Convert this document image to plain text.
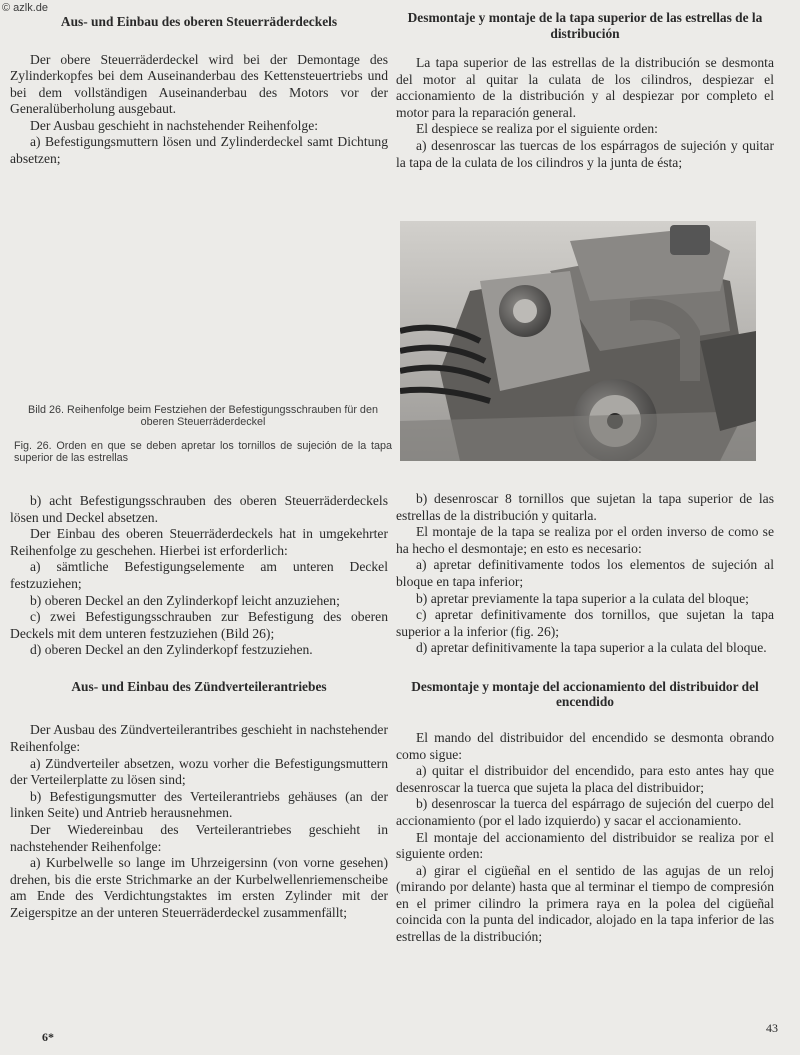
© azlk.de
Aus- und Einbau des oberen Steuerräderdeckels

Der obere Steuerräderdeckel wird bei der Demontage des Zylinderkopfes bei dem Auseinanderbau des Kettensteuertriebs und bei dem vollständigen Auseinanderbau des Motors vor der Generalüberholung ausgebaut.

Der Ausbau geschieht in nachstehender Reihenfolge:

a) Befestigungsmuttern lösen und Zylinderdeckel samt Dichtung absetzen;

Bild 26. Reihenfolge beim Festziehen der Befestigungsschrauben für den oberen Steuerräderdeckel
Fig. 26. Orden en que se deben apretar los tornillos de sujeción de la tapa superior de las estrellas

b) acht Befestigungsschrauben des oberen Steuerräderdeckels lösen und Deckel absetzen.

Der Einbau des oberen Steuerräderdeckels hat in umgekehrter Reihenfolge zu geschehen. Hierbei ist erforderlich:

a) sämtliche Befestigungselemente am unteren Deckel festzuziehen;

b) oberen Deckel an den Zylinderkopf leicht anzuziehen;

c) zwei Befestigungsschrauben zur Befestigung des oberen Deckels mit dem unteren festzuziehen (Bild 26);

d) oberen Deckel an den Zylinderkopf festzuziehen.

Aus- und Einbau des Zündverteilerantriebes

Der Ausbau des Zündverteilerantribes geschieht in nachstehender Reihenfolge:

a) Zündverteiler absetzen, wozu vorher die Befestigungsmuttern der Verteilerplatte zu lösen sind;

b) Befestigungsmutter des Verteilerantriebs gehäuses (an der linken Seite) und Antrieb herausnehmen.

Der Wiedereinbau des Verteilerantriebes geschieht in nachstehender Reihenfolge:

a) Kurbelwelle so lange im Uhrzeigersinn (von vorne gesehen) drehen, bis die erste Strichmarke an der Kurbelwellenriemenscheibe am Ende des Verdichtungstaktes im ersten Zylinder mit der Zeigerspitze an der unteren Steuerräderdeckel zusammenfällt;

Desmontaje y montaje de la tapa superior de las estrellas de la distribución

La tapa superior de las estrellas de la distribución se desmonta del motor al quitar la culata de los cilindros, despiezar el accionamiento de la distribución y al despiezar por completo el motor para la reparación general.

El despiece se realiza por el siguiente orden:

a) desenroscar las tuercas de los espárragos de sujeción y quitar la tapa de la culata de los cilindros y la junta de ésta;

b) desenroscar 8 tornillos que sujetan la tapa superior de las estrellas de la distribución y quitarla.

El montaje de la tapa se realiza por el orden inverso de como se ha hecho el desmontaje; en esto es necesario:

a) apretar definitivamente todos los elementos de sujeción al bloque en tapa inferior;

b) apretar previamente la tapa superior a la culata del bloque;

c) apretar definitivamente dos tornillos, que sujetan la tapa superior a la inferior (fig. 26);

d) apretar definitivamente la tapa superior a la culata del bloque.

Desmontaje y montaje del accionamiento del distribuidor del encendido

El mando del distribuidor del encendido se desmonta obrando como sigue:

a) quitar el distribuidor del encendido, para esto antes hay que desenroscar la tuerca que sujeta la placa del distribuidor;

b) desenroscar la tuerca del espárrago de sujeción del cuerpo del accionamiento (por el lado izquierdo) y sacar el accionamiento.

El montaje del accionamiento del distribuidor se realiza por el siguiente orden:

a) girar el cigüeñal en el sentido de las agujas de un reloj (mirando por delante) hasta que al terminar el tiempo de compresión en el primer cilindro la primera raya en la polea del cigüeñal coincida con la punta del indicador, alojado en la tapa inferior de las estrellas de la distribución;

6*
43
